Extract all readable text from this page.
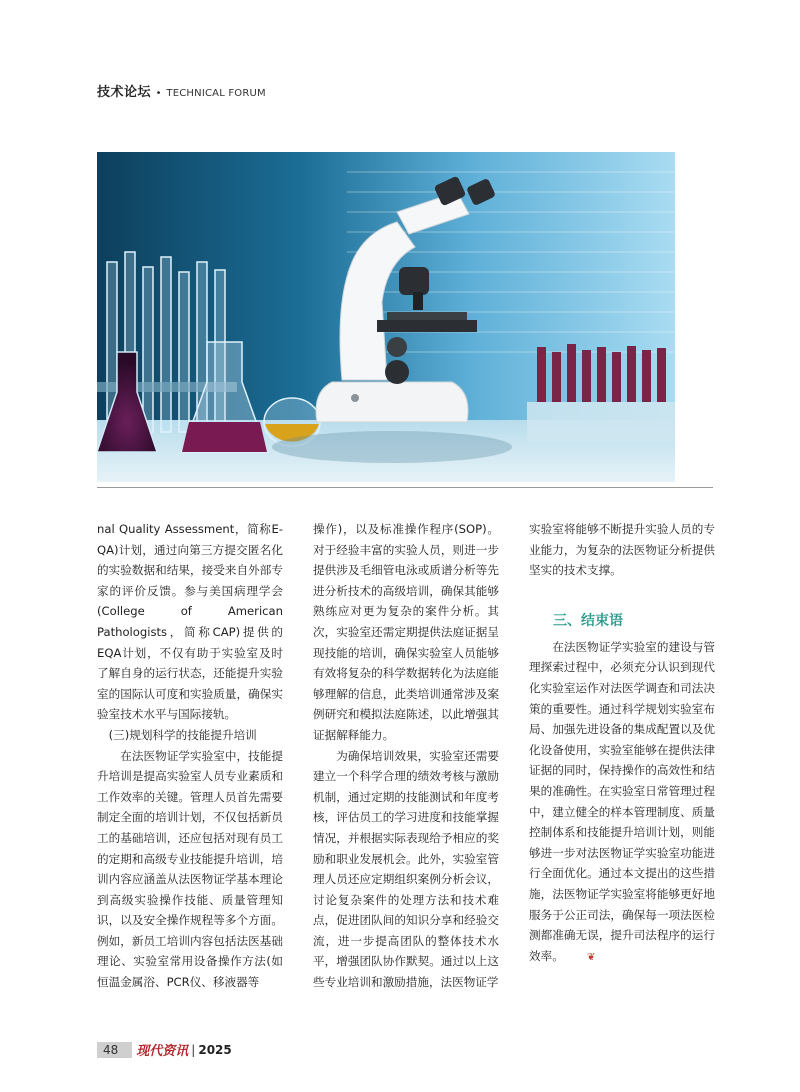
技术论坛 • TECHNICAL FORUM

nal Quality Assessment，简称E-QA)计划，通过向第三方提交匿名化的实验数据和结果，接受来自外部专家的评价反馈。参与美国病理学会(College of American Pathologists，简称CAP)提供的EQA计划，不仅有助于实验室及时了解自身的运行状态，还能提升实验室的国际认可度和实验质量，确保实验室技术水平与国际接轨。

(三)规划科学的技能提升培训

在法医物证学实验室中，技能提升培训是提高实验室人员专业素质和工作效率的关键。管理人员首先需要制定全面的培训计划，不仅包括新员工的基础培训，还应包括对现有员工的定期和高级专业技能提升培训，培训内容应涵盖从法医物证学基本理论到高级实验操作技能、质量管理知识，以及安全操作规程等多个方面。例如，新员工培训内容包括法医基础理论、实验室常用设备操作方法(如恒温金属浴、PCR仪、移液器等

操作)，以及标准操作程序(SOP)。对于经验丰富的实验人员，则进一步提供涉及毛细管电泳或质谱分析等先进分析技术的高级培训，确保其能够熟练应对更为复杂的案件分析。其次，实验室还需定期提供法庭证据呈现技能的培训，确保实验室人员能够有效将复杂的科学数据转化为法庭能够理解的信息，此类培训通常涉及案例研究和模拟法庭陈述，以此增强其证据解释能力。

为确保培训效果，实验室还需要建立一个科学合理的绩效考核与激励机制，通过定期的技能测试和年度考核，评估员工的学习进度和技能掌握情况，并根据实际表现给予相应的奖励和职业发展机会。此外，实验室管理人员还应定期组织案例分析会议，讨论复杂案件的处理方法和技术难点，促进团队间的知识分享和经验交流，进一步提高团队的整体技术水平，增强团队协作默契。通过以上这些专业培训和激励措施，法医物证学

实验室将能够不断提升实验人员的专业能力，为复杂的法医物证分析提供坚实的技术支撑。

三、结束语

在法医物证学实验室的建设与管理探索过程中，必须充分认识到现代化实验室运作对法医学调查和司法决策的重要性。通过科学规划实验室布局、加强先进设备的集成配置以及优化设备使用，实验室能够在提供法律证据的同时，保持操作的高效性和结果的准确性。在实验室日常管理过程中，建立健全的样本管理制度、质量控制体系和技能提升培训计划，则能够进一步对法医物证学实验室功能进行全面优化。通过本文提出的这些措施，法医物证学实验室将能够更好地服务于公正司法，确保每一项法医检测都准确无误，提升司法程序的运行效率。 ❦

48	现代资讯 | 2025
